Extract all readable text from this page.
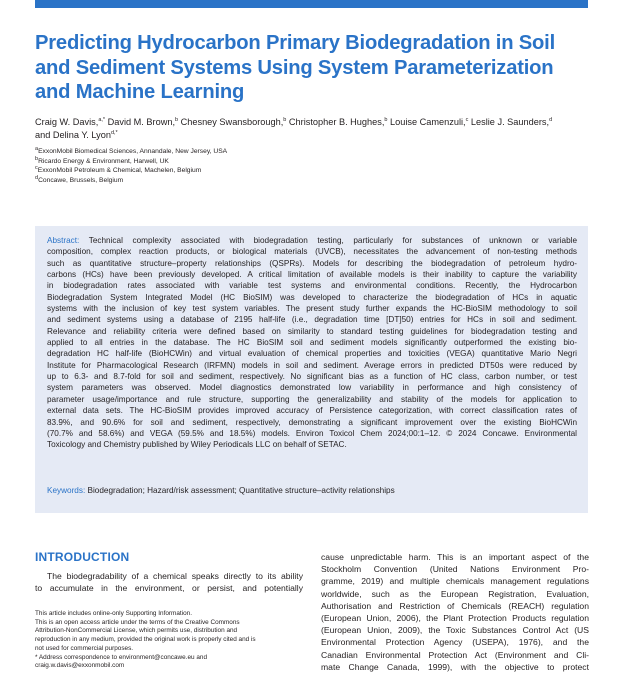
Predicting Hydrocarbon Primary Biodegradation in Soil
and Sediment Systems Using System Parameterization
and Machine Learning
Craig W. Davis,$^{a,*}$ David M. Brown,$^b$ Chesney Swansborough,$^b$ Christopher B. Hughes,$^b$ Louise Camenzuli,$^c$ Leslie J. Saunders,$^d$
and Delina Y. Lyon$^{d,*}$
$^a$ExxonMobil Biomedical Sciences, Annandale, New Jersey, USA
$^b$Ricardo Energy & Environment, Harwell, UK
$^c$ExxonMobil Petroleum & Chemical, Machelen, Belgium
$^d$Concawe, Brussels, Belgium
Abstract: Technical complexity associated with biodegradation testing, particularly for substances of unknown or variable
composition, complex reaction products, or biological materials (UVCB), necessitates the advancement of non-testing methods
such as quantitative structure–property relationships (QSPRs). Models for describing the biodegradation of petroleum hydro-
carbons (HCs) have been previously developed. A critical limitation of available models is their inability to capture the variability
in biodegradation rates associated with variable test systems and environmental conditions. Recently, the Hydrocarbon
Biodegradation System Integrated Model (HC BioSIM) was developed to characterize the biodegradation of HCs in aquatic
systems with the inclusion of key test system variables. The present study further expands the HC-BioSIM methodology to soil
and sediment systems using a database of 2195 half-life (i.e., degradation time [DT]50) entries for HCs in soil and sediment.
Relevance and reliability criteria were defined based on similarity to standard testing guidelines for biodegradation testing and
applied to all entries in the database. The HC BioSIM soil and sediment models significantly outperformed the existing bio-
degradation HC half-life (BioHCWin) and virtual evaluation of chemical properties and toxicities (VEGA) quantitative Mario Negri
Institute for Pharmacological Research (IRFMN) models in soil and sediment. Average errors in predicted DT50s were reduced by
up to 6.3- and 8.7-fold for soil and sediment, respectively. No significant bias as a function of HC class, carbon number, or test
system parameters was observed. Model diagnostics demonstrated low variability in performance and high consistency of
parameter usage/importance and rule structure, supporting the generalizability and stability of the models for application to
external data sets. The HC-BioSIM provides improved accuracy of Persistence categorization, with correct classification rates of
83.9%, and 90.6% for soil and sediment, respectively, demonstrating a significant improvement over the existing BioHCWin
(70.7% and 58.6%) and VEGA (59.5% and 18.5%) models. Environ Toxicol Chem 2024;00:1–12. © 2024 Concawe. Environmental
Toxicology and Chemistry published by Wiley Periodicals LLC on behalf of SETAC.
Keywords: Biodegradation; Hazard/risk assessment; Quantitative structure–activity relationships
INTRODUCTION
The biodegradability of a chemical speaks directly to its ability
to accumulate in the environment, or persist, and potentially
This article includes online-only Supporting Information.
This is an open access article under the terms of the Creative Commons
Attribution-NonCommercial License, which permits use, distribution and
reproduction in any medium, provided the original work is properly cited and is
not used for commercial purposes.
* Address correspondence to environment@concawe.eu and
craig.w.davis@exxonmobil.com
cause unpredictable harm. This is an important aspect of the
Stockholm Convention (United Nations Environment Pro-
gramme, 2019) and multiple chemicals management regulations
worldwide, such as the European Registration, Evaluation,
Authorisation and Restriction of Chemicals (REACH) regulation
(European Union, 2006), the Plant Protection Products regulation
(European Union, 2009), the Toxic Substances Control Act (US
Environmental Protection Agency (USEPA), 1976), and the
Canadian Environmental Protection Act (Environment and Cli-
mate Change Canada, 1999), with the objective to protect
